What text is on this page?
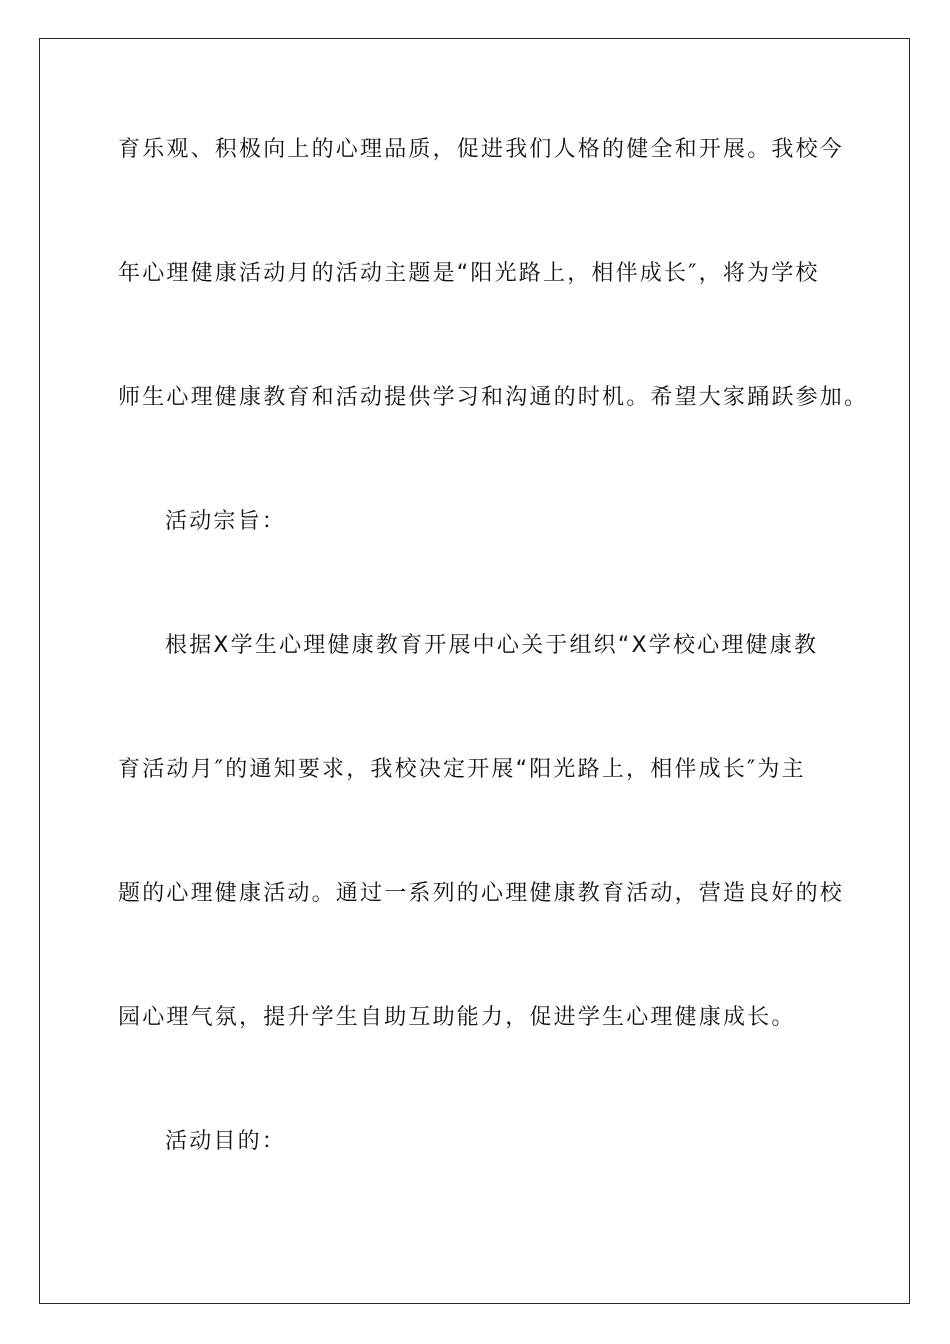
育乐观、积极向上的心理品质，促进我们人格的健全和开展。我校今

年心理健康活动月的活动主题是“阳光路上，相伴成长″，将为学校

师生心理健康教育和活动提供学习和沟通的时机。希望大家踊跃参加。

活动宗旨：

根据X学生心理健康教育开展中心关于组织“X学校心理健康教

育活动月″的通知要求，我校决定开展“阳光路上，相伴成长″为主

题的心理健康活动。通过一系列的心理健康教育活动，营造良好的校

园心理气氛，提升学生自助互助能力，促进学生心理健康成长。

活动目的：
